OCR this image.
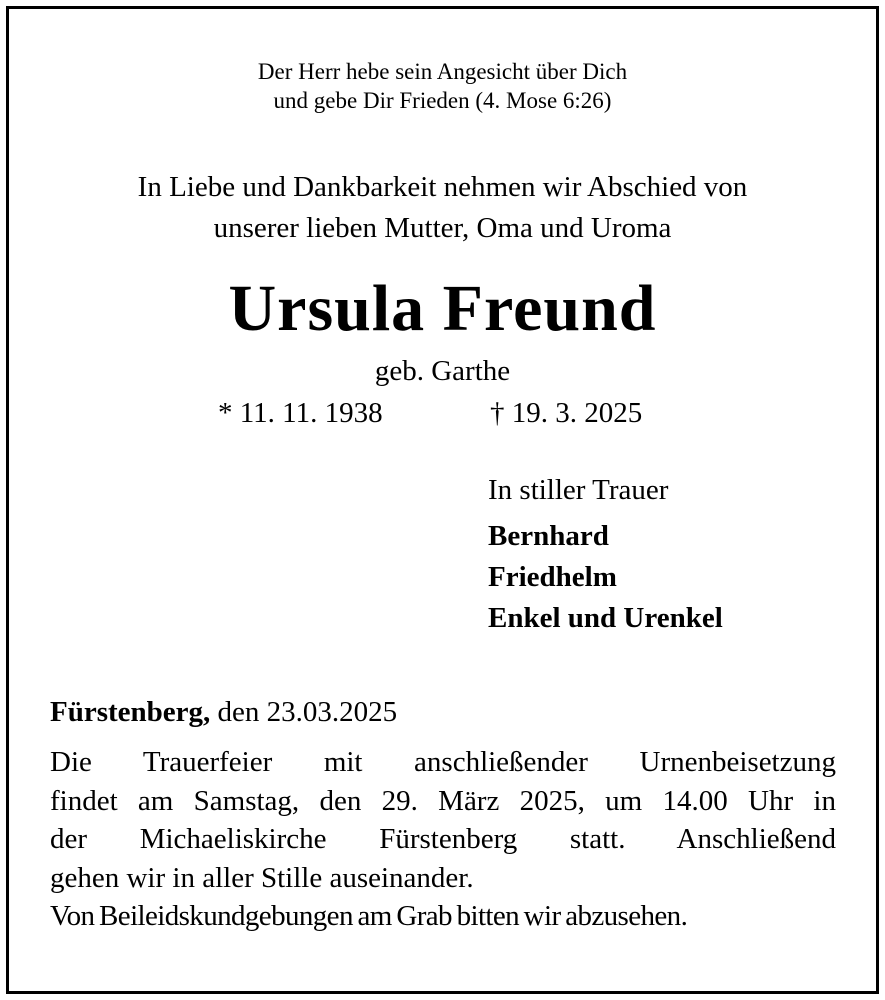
Der Herr hebe sein Angesicht über Dich
und gebe Dir Frieden (4. Mose 6:26)
In Liebe und Dankbarkeit nehmen wir Abschied von
unserer lieben Mutter, Oma und Uroma
Ursula Freund
geb. Garthe
* 11. 11. 1938	† 19. 3. 2025
In stiller Trauer
Bernhard
Friedhelm
Enkel und Urenkel
Fürstenberg, den 23.03.2025
Die Trauerfeier mit anschließender Urnenbeisetzung
findet am Samstag, den 29. März 2025, um 14.00 Uhr in
der Michaeliskirche Fürstenberg statt. Anschließend
gehen wir in aller Stille auseinander.
Von Beileidskundgebungen am Grab bitten wir abzusehen.
